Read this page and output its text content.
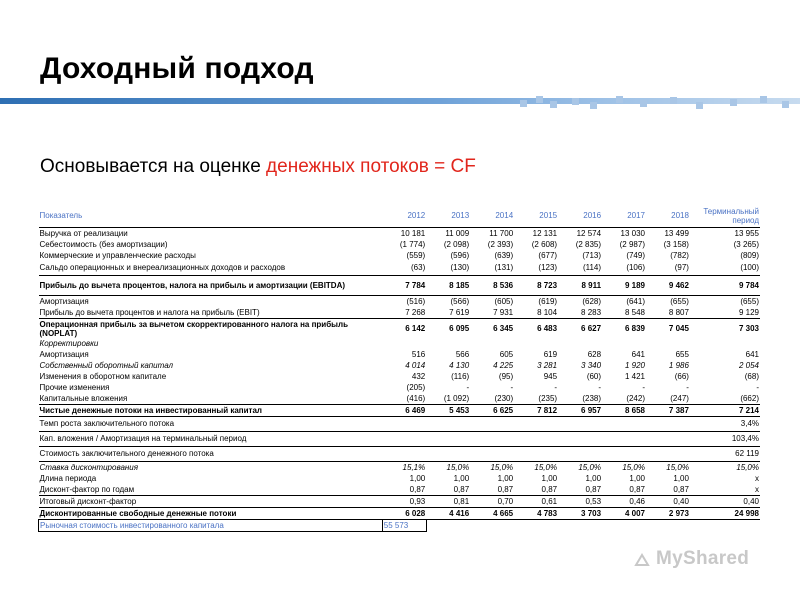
Доходный подход
Основывается на оценке денежных потоков = CF
Показатель	2012	2013	2014	2015	2016	2017	2018	Терминальный период
Выручка от реализации	10 181	11 009	11 700	12 131	12 574	13 030	13 499	13 955
Себестоимость (без амортизации)	(1 774)	(2 098)	(2 393)	(2 608)	(2 835)	(2 987)	(3 158)	(3 265)
Коммерческие и управленческие расходы	(559)	(596)	(639)	(677)	(713)	(749)	(782)	(809)
Сальдо операционных и внереализационных доходов и расходов	(63)	(130)	(131)	(123)	(114)	(106)	(97)	(100)
Прибыль до вычета процентов, налога на прибыль и амортизации (EBITDA)	7 784	8 185	8 536	8 723	8 911	9 189	9 462	9 784
Амортизация	(516)	(566)	(605)	(619)	(628)	(641)	(655)	(655)
Прибыль до вычета процентов и налога на прибыль (EBIT)	7 268	7 619	7 931	8 104	8 283	8 548	8 807	9 129
Операционная прибыль за вычетом скорректированного налога на прибыль (NOPLAT)	6 142	6 095	6 345	6 483	6 627	6 839	7 045	7 303
Корректировки								
Амортизация	516	566	605	619	628	641	655	641
Собственный оборотный капитал	4 014	4 130	4 225	3 281	3 340	1 920	1 986	2 054
Изменения в оборотном капитале	432	(116)	(95)	945	(60)	1 421	(66)	(68)
Прочие изменения	(205)	-	-	-	-	-	-	-
Капитальные вложения	(416)	(1 092)	(230)	(235)	(238)	(242)	(247)	(662)
Чистые денежные потоки на инвестированный капитал	6 469	5 453	6 625	7 812	6 957	8 658	7 387	7 214
Темп роста заключительного потока								3,4%
Кап. вложения / Амортизация на терминальный период								103,4%
Стоимость заключительного денежного потока								62 119
Ставка дисконтирования	15,1%	15,0%	15,0%	15,0%	15,0%	15,0%	15,0%	15,0%
Длина периода	1,00	1,00	1,00	1,00	1,00	1,00	1,00	x
Дисконт-фактор по годам	0,87	0,87	0,87	0,87	0,87	0,87	0,87	x
Итоговый дисконт-фактор	0,93	0,81	0,70	0,61	0,53	0,46	0,40	0,40
Дисконтированные свободные денежные потоки	6 028	4 416	4 665	4 783	3 703	4 007	2 973	24 998
Рыночная стоимость инвестированного капитала	55 573							
MyShared
